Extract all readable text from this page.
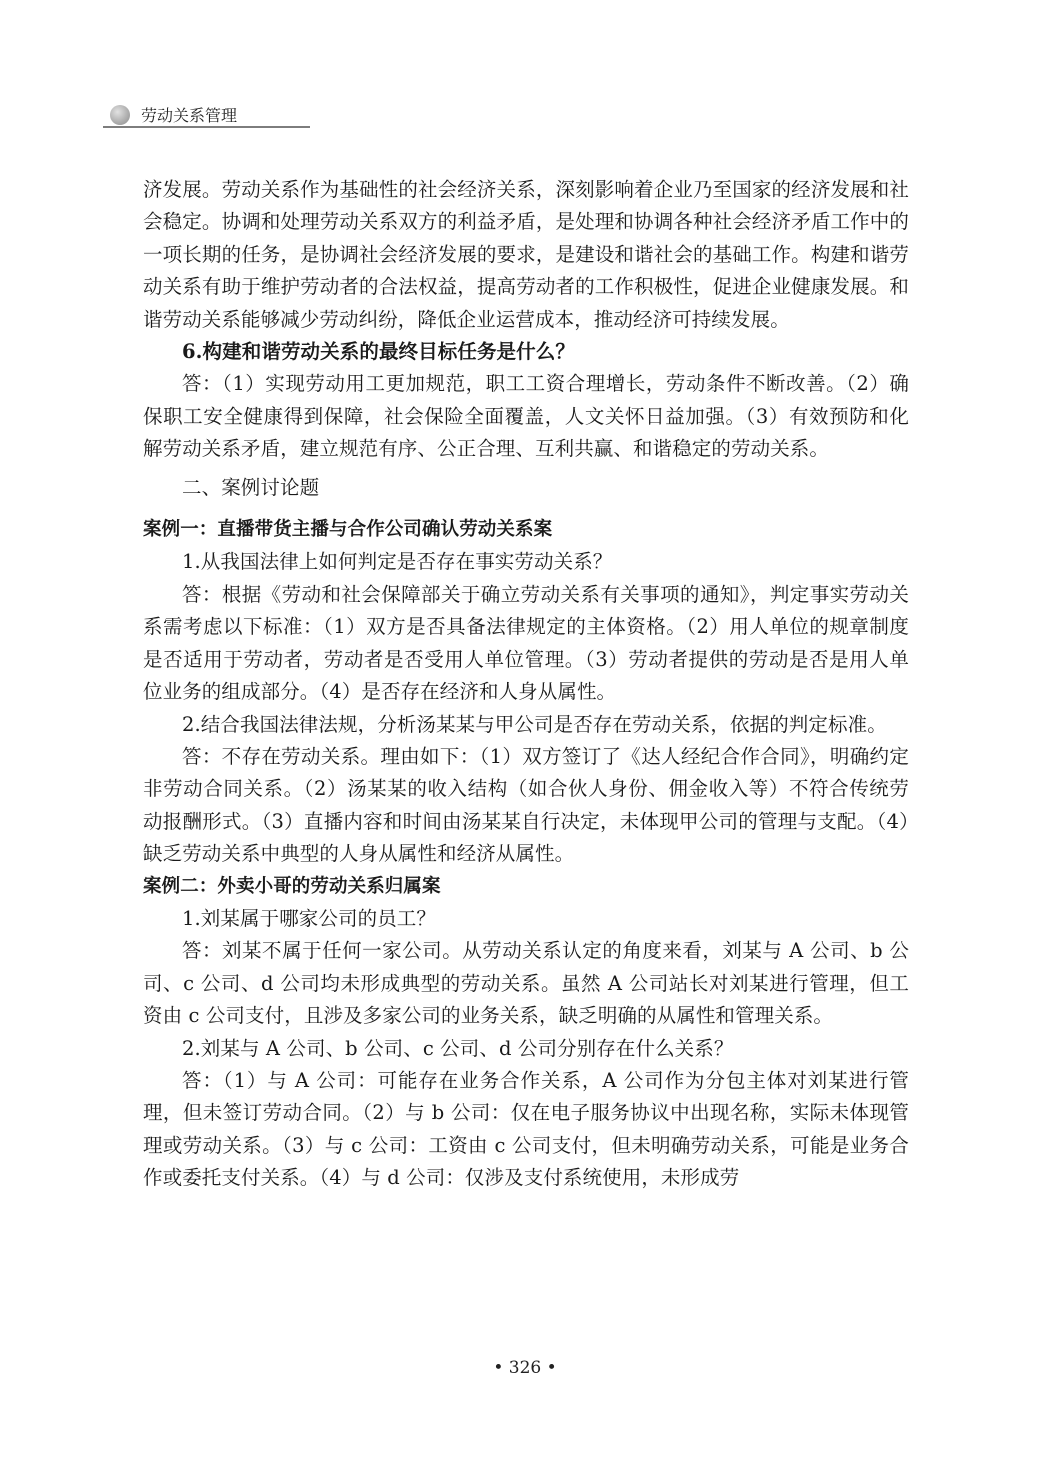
劳动关系管理

济发展。劳动关系作为基础性的社会经济关系，深刻影响着企业乃至国家的经济发展和社会稳定。协调和处理劳动关系双方的利益矛盾，是处理和协调各种社会经济矛盾工作中的一项长期的任务，是协调社会经济发展的要求，是建设和谐社会的基础工作。构建和谐劳动关系有助于维护劳动者的合法权益，提高劳动者的工作积极性，促进企业健康发展。和谐劳动关系能够减少劳动纠纷，降低企业运营成本，推动经济可持续发展。

6.构建和谐劳动关系的最终目标任务是什么？

答：（1）实现劳动用工更加规范，职工工资合理增长，劳动条件不断改善。（2）确保职工安全健康得到保障，社会保险全面覆盖，人文关怀日益加强。（3）有效预防和化解劳动关系矛盾，建立规范有序、公正合理、互利共赢、和谐稳定的劳动关系。

二、案例讨论题

案例一：直播带货主播与合作公司确认劳动关系案

1.从我国法律上如何判定是否存在事实劳动关系？

答：根据《劳动和社会保障部关于确立劳动关系有关事项的通知》，判定事实劳动关系需考虑以下标准：（1）双方是否具备法律规定的主体资格。（2）用人单位的规章制度是否适用于劳动者，劳动者是否受用人单位管理。（3）劳动者提供的劳动是否是用人单位业务的组成部分。（4）是否存在经济和人身从属性。

2.结合我国法律法规，分析汤某某与甲公司是否存在劳动关系，依据的判定标准。

答：不存在劳动关系。理由如下：（1）双方签订了《达人经纪合作合同》，明确约定非劳动合同关系。（2）汤某某的收入结构（如合伙人身份、佣金收入等）不符合传统劳动报酬形式。（3）直播内容和时间由汤某某自行决定，未体现甲公司的管理与支配。（4）缺乏劳动关系中典型的人身从属性和经济从属性。

案例二：外卖小哥的劳动关系归属案

1.刘某属于哪家公司的员工？

答：刘某不属于任何一家公司。从劳动关系认定的角度来看，刘某与 A 公司、b 公司、c 公司、d 公司均未形成典型的劳动关系。虽然 A 公司站长对刘某进行管理，但工资由 c 公司支付，且涉及多家公司的业务关系，缺乏明确的从属性和管理关系。

2.刘某与 A 公司、b 公司、c 公司、d 公司分别存在什么关系？

答：（1）与 A 公司：可能存在业务合作关系，A 公司作为分包主体对刘某进行管理，但未签订劳动合同。（2）与 b 公司：仅在电子服务协议中出现名称，实际未体现管理或劳动关系。（3）与 c 公司：工资由 c 公司支付，但未明确劳动关系，可能是业务合作或委托支付关系。（4）与 d 公司：仅涉及支付系统使用，未形成劳

• 326 •
